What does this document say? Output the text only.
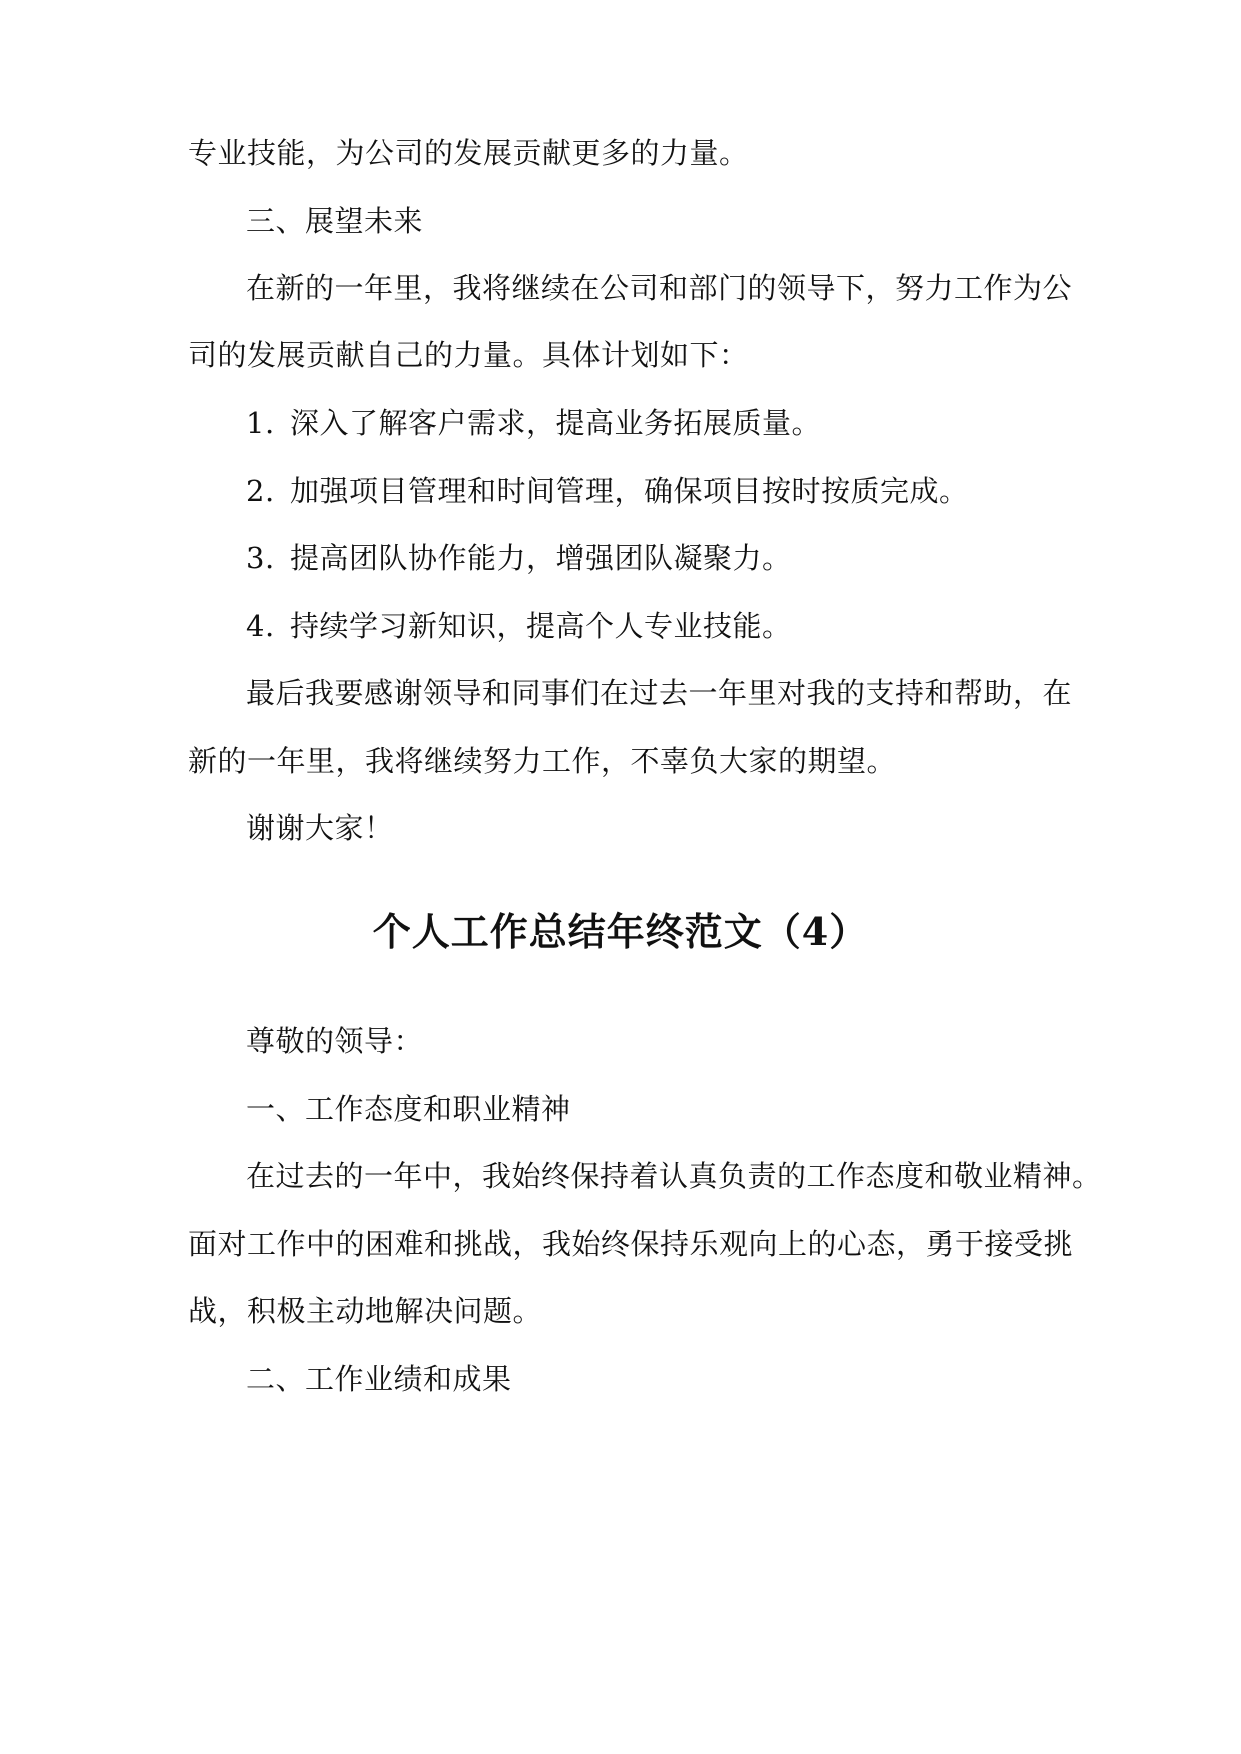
专业技能，为公司的发展贡献更多的力量。
三、展望未来
在新的一年里，我将继续在公司和部门的领导下，努力工作为公
司的发展贡献自己的力量。具体计划如下：
1. 深入了解客户需求，提高业务拓展质量。
2. 加强项目管理和时间管理，确保项目按时按质完成。
3. 提高团队协作能力，增强团队凝聚力。
4. 持续学习新知识，提高个人专业技能。
最后我要感谢领导和同事们在过去一年里对我的支持和帮助，在
新的一年里，我将继续努力工作，不辜负大家的期望。
谢谢大家！
个人工作总结年终范文（4）
尊敬的领导：
一、工作态度和职业精神
在过去的一年中，我始终保持着认真负责的工作态度和敬业精神。
面对工作中的困难和挑战，我始终保持乐观向上的心态，勇于接受挑
战，积极主动地解决问题。
二、工作业绩和成果
